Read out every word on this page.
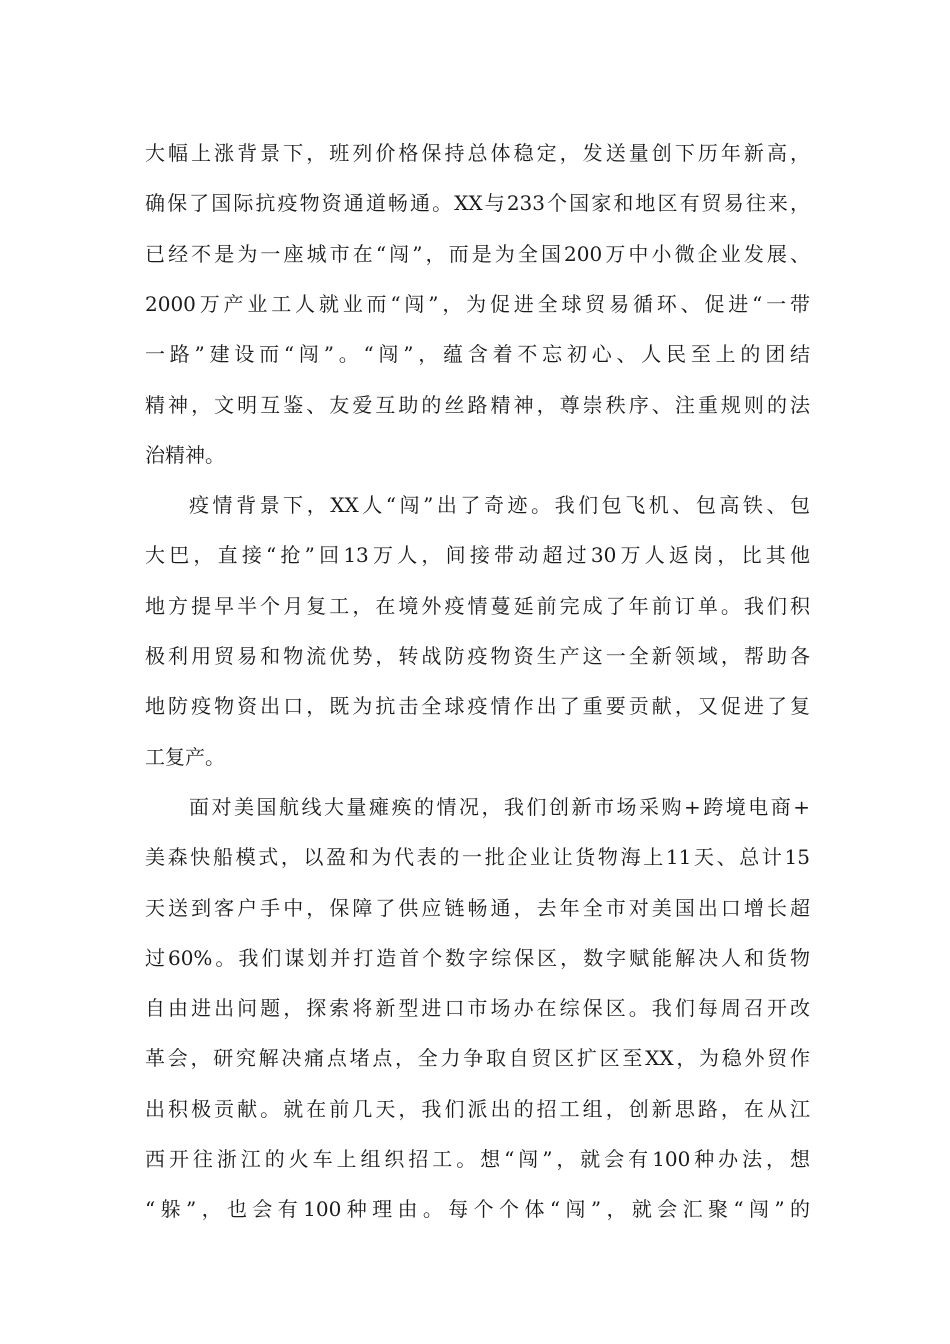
大幅上涨背景下，班列价格保持总体稳定，发送量创下历年新高，
确保了国际抗疫物资通道畅通。XX与233个国家和地区有贸易往来，
已经不是为一座城市在“闯”，而是为全国200万中小微企业发展、
2000万产业工人就业而“闯”，为促进全球贸易循环、促进“一带
一路”建设而“闯”。“闯”，蕴含着不忘初心、人民至上的团结
精神，文明互鉴、友爱互助的丝路精神，尊崇秩序、注重规则的法
治精神。
疫情背景下，XX人“闯”出了奇迹。我们包飞机、包高铁、包
大巴，直接“抢”回13万人，间接带动超过30万人返岗，比其他
地方提早半个月复工，在境外疫情蔓延前完成了年前订单。我们积
极利用贸易和物流优势，转战防疫物资生产这一全新领域，帮助各
地防疫物资出口，既为抗击全球疫情作出了重要贡献，又促进了复
工复产。
面对美国航线大量瘫痪的情况，我们创新市场采购+跨境电商+
美森快船模式，以盈和为代表的一批企业让货物海上11天、总计15
天送到客户手中，保障了供应链畅通，去年全市对美国出口增长超
过60%。我们谋划并打造首个数字综保区，数字赋能解决人和货物
自由进出问题，探索将新型进口市场办在综保区。我们每周召开改
革会，研究解决痛点堵点，全力争取自贸区扩区至XX，为稳外贸作
出积极贡献。就在前几天，我们派出的招工组，创新思路，在从江
西开往浙江的火车上组织招工。想“闯”，就会有100种办法，想
“躲”，也会有100种理由。每个个体“闯”，就会汇聚“闯”的
